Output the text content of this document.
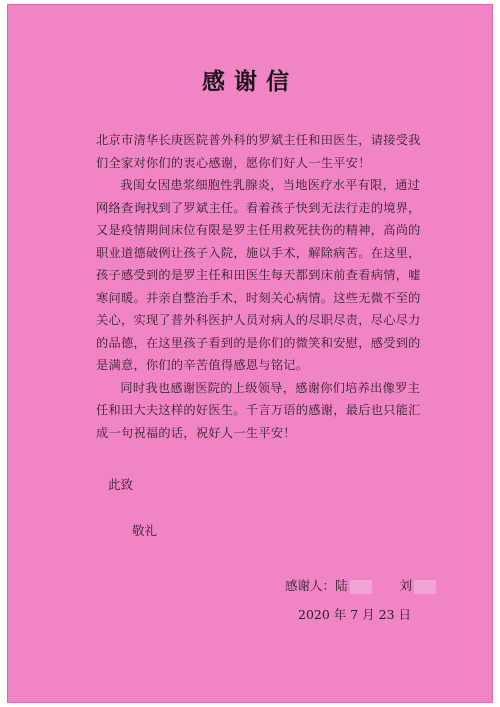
感谢信

北京市清华长庚医院普外科的罗斌主任和田医生，请接受我们全家对你们的衷心感谢，愿你们好人一生平安！

我闺女因患浆细胞性乳腺炎，当地医疗水平有限，通过网络查询找到了罗斌主任。看着孩子快到无法行走的境界，又是疫情期间床位有限是罗主任用救死扶伤的精神，高尚的职业道德破例让孩子入院，施以手术，解除病苦。在这里，孩子感受到的是罗主任和田医生每天都到床前查看病情，嘘寒问暖。并亲自整治手术，时刻关心病情。这些无微不至的关心，实现了普外科医护人员对病人的尽职尽责，尽心尽力的品德，在这里孩子看到的是你们的微笑和安慰，感受到的是满意，你们的辛苦值得感恩与铭记。

同时我也感谢医院的上级领导，感谢你们培养出像罗主任和田大夫这样的好医生。千言万语的感谢，最后也只能汇成一句祝福的话，祝好人一生平安！

此致
敬礼
感谢人：陆	刘
2020 年 7 月 23 日
